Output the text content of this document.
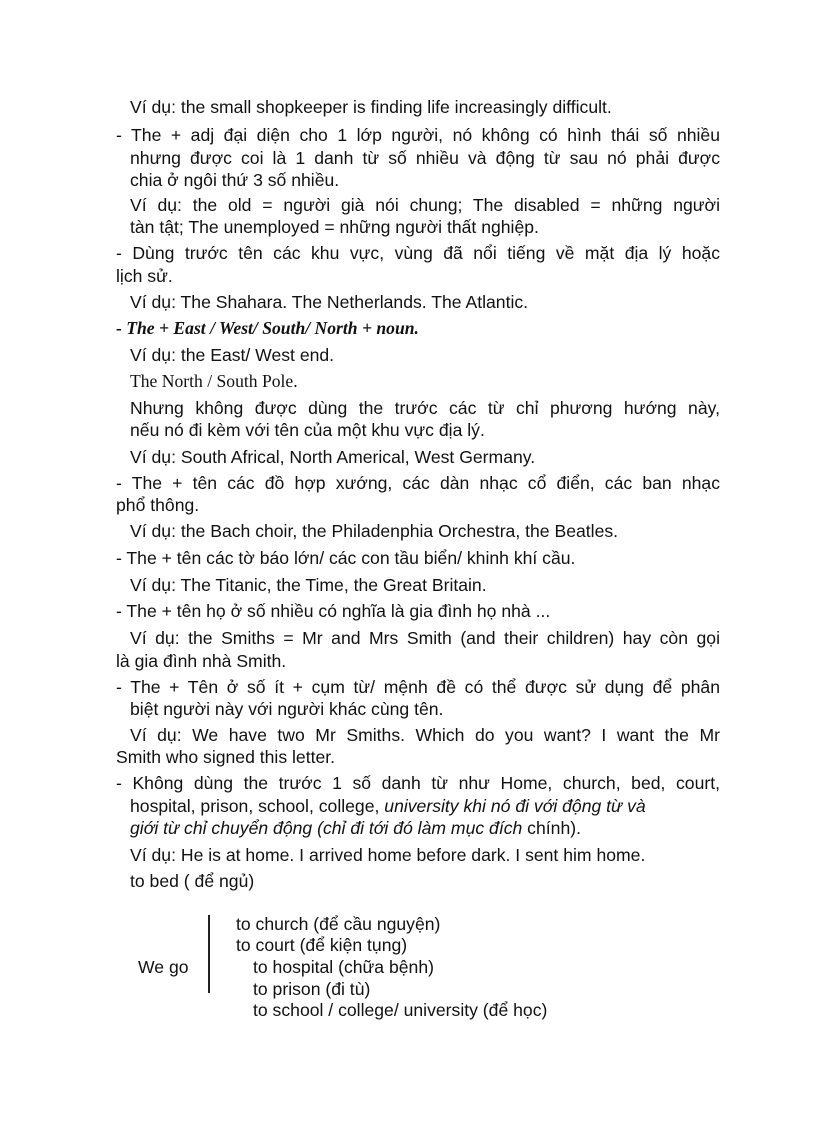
Ví dụ: the small shopkeeper is finding life increasingly difficult.
- The + adj đại diện cho 1 lớp người, nó không có hình thái số nhiều
nhưng được coi là 1 danh từ số nhiều và động từ sau nó phải được
chia ở ngôi thứ 3 số nhiều.
Ví dụ: the old = người già nói chung; The disabled = những người
tàn tật; The unemployed = những người thất nghiệp.
- Dùng trước tên các khu vực, vùng đã nổi tiếng về mặt địa lý hoặc
lịch sử.
Ví dụ: The Shahara. The Netherlands. The Atlantic.
- The + East / West/ South/ North + noun.
Ví dụ: the East/ West end.
The North / South Pole.
Nhưng không được dùng the trước các từ chỉ phương hướng này,
nếu nó đi kèm với tên của một khu vực địa lý.
Ví dụ: South Africal, North Americal, West Germany.
- The + tên các đồ hợp xướng, các dàn nhạc cổ điển, các ban nhạc
phổ thông.
Ví dụ: the Bach choir, the Philadenphia Orchestra, the Beatles.
- The + tên các tờ báo lớn/ các con tầu biển/ khinh khí cầu.
Ví dụ: The Titanic, the Time, the Great Britain.
- The + tên họ ở số nhiều có nghĩa là gia đình họ nhà ...
Ví dụ: the Smiths = Mr and Mrs Smith (and their children) hay còn gọi
là gia đình nhà Smith.
- The + Tên ở số ít + cụm từ/ mệnh đề có thể được sử dụng để phân
biệt người này với người khác cùng tên.
Ví dụ: We have two Mr Smiths. Which do you want? I want the Mr
Smith who signed this letter.
- Không dùng the trước 1 số danh từ như Home, church, bed, court,
hospital, prison, school, college, university khi nó đi với động từ và
giới từ chỉ chuyển động (chỉ đi tới đó làm mục đích chính).
Ví dụ: He is at home. I arrived home before dark. I sent him home.
to bed ( để ngủ)
We go
to church (để cầu nguyện)
to court (để kiện tụng)
to hospital (chữa bệnh)
to prison (đi tù)
to school / college/ university (để học)
